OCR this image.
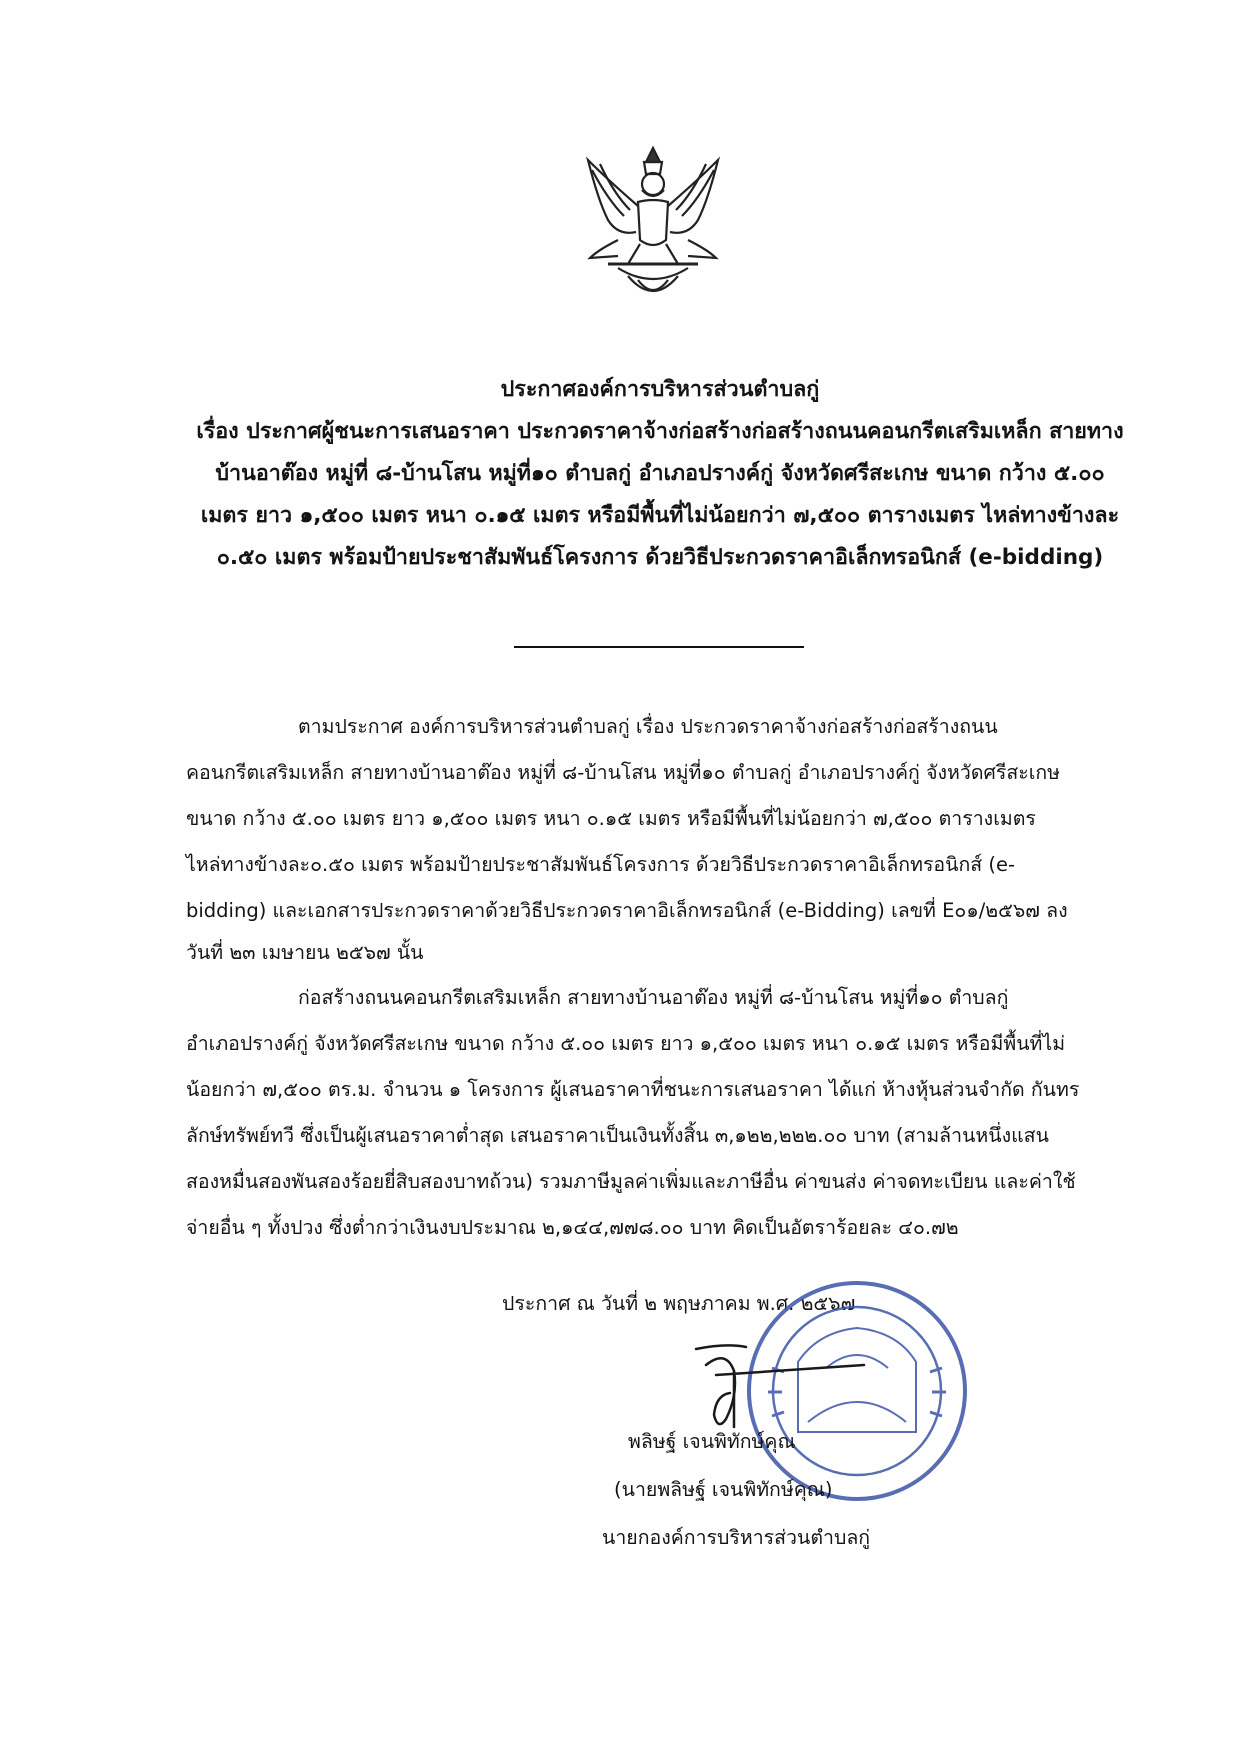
ประกาศองค์การบริหารส่วนตำบลกู่
เรื่อง ประกาศผู้ชนะการเสนอราคา ประกวดราคาจ้างก่อสร้างก่อสร้างถนนคอนกรีตเสริมเหล็ก สายทาง
บ้านอาต๊อง หมู่ที่ ๘-บ้านโสน หมู่ที่๑๐ ตำบลกู่ อำเภอปรางค์กู่ จังหวัดศรีสะเกษ ขนาด กว้าง ๕.๐๐
เมตร ยาว ๑,๕๐๐ เมตร หนา ๐.๑๕ เมตร หรือมีพื้นที่ไม่น้อยกว่า ๗,๕๐๐ ตารางเมตร ไหล่ทางข้างละ
๐.๕๐ เมตร พร้อมป้ายประชาสัมพันธ์โครงการ ด้วยวิธีประกวดราคาอิเล็กทรอนิกส์ (e-bidding)
ตามประกาศ องค์การบริหารส่วนตำบลกู่ เรื่อง ประกวดราคาจ้างก่อสร้างก่อสร้างถนน
คอนกรีตเสริมเหล็ก สายทางบ้านอาต๊อง หมู่ที่ ๘-บ้านโสน หมู่ที่๑๐ ตำบลกู่ อำเภอปรางค์กู่ จังหวัดศรีสะเกษ
ขนาด กว้าง ๕.๐๐ เมตร ยาว ๑,๕๐๐ เมตร หนา ๐.๑๕ เมตร หรือมีพื้นที่ไม่น้อยกว่า ๗,๕๐๐ ตารางเมตร
ไหล่ทางข้างละ๐.๕๐ เมตร พร้อมป้ายประชาสัมพันธ์โครงการ ด้วยวิธีประกวดราคาอิเล็กทรอนิกส์ (e-
bidding) และเอกสารประกวดราคาด้วยวิธีประกวดราคาอิเล็กทรอนิกส์ (e-Bidding) เลขที่ E๐๑/๒๕๖๗ ลง
วันที่ ๒๓ เมษายน ๒๕๖๗ นั้น
ก่อสร้างถนนคอนกรีตเสริมเหล็ก สายทางบ้านอาต๊อง หมู่ที่ ๘-บ้านโสน หมู่ที่๑๐ ตำบลกู่
อำเภอปรางค์กู่ จังหวัดศรีสะเกษ ขนาด กว้าง ๕.๐๐ เมตร ยาว ๑,๕๐๐ เมตร หนา ๐.๑๕ เมตร หรือมีพื้นที่ไม่
น้อยกว่า ๗,๕๐๐ ตร.ม. จำนวน ๑ โครงการ ผู้เสนอราคาที่ชนะการเสนอราคา ได้แก่ ห้างหุ้นส่วนจำกัด กันทร
ลักษ์ทรัพย์ทวี ซึ่งเป็นผู้เสนอราคาต่ำสุด เสนอราคาเป็นเงินทั้งสิ้น ๓,๑๒๒,๒๒๒.๐๐ บาท (สามล้านหนึ่งแสน
สองหมื่นสองพันสองร้อยยี่สิบสองบาทถ้วน) รวมภาษีมูลค่าเพิ่มและภาษีอื่น ค่าขนส่ง ค่าจดทะเบียน และค่าใช้
จ่ายอื่น ๆ ทั้งปวง ซึ่งต่ำกว่าเงินงบประมาณ ๒,๑๔๔,๗๗๘.๐๐ บาท คิดเป็นอัตราร้อยละ ๔๐.๗๒
ประกาศ ณ วันที่ ๒ พฤษภาคม พ.ศ. ๒๕๖๗
พลิษฐ์ เจนพิทักษ์คุณ
(นายพลิษฐ์ เจนพิทักษ์คุณ)
นายกองค์การบริหารส่วนตำบลกู่
